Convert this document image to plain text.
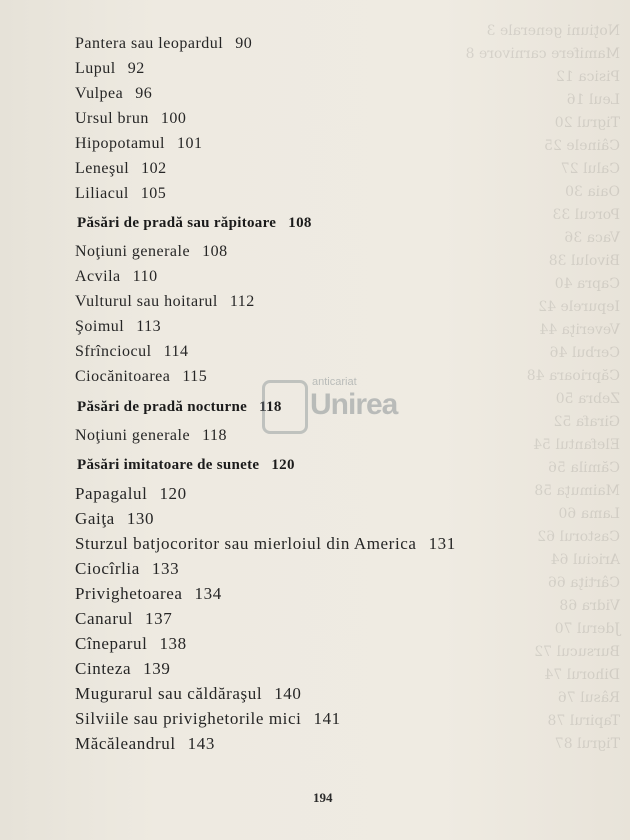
Noţiuni generale 3
Mamifere carnivore 8
Pisica 12
Leul 16
Tigrul 20
Câinele 25
Calul 27
Oaia 30
Porcul 33
Vaca 36
Bivolul 38
Capra 40
Iepurele 42
Veveriţa 44
Cerbul 46
Căprioara 48
Zebra 50
Girafa 52
Elefantul 54
Cămila 56
Maimuţa 58
Lama 60
Castorul 62
Ariciul 64
Cârtiţa 66
Vidra 68
Jderul 70
Bursucul 72
Dihorul 74
Râsul 76
Tapirul 78
Tigrul 87
Pantera sau leopardul 90
Lupul 92
Vulpea 96
Ursul brun 100
Hipopotamul 101
Leneşul 102
Liliacul 105
Păsări de pradă sau răpitoare 108
Noţiuni generale 108
Acvila 110
Vulturul sau hoitarul 112
Şoimul 113
Sfrînciocul 114
Ciocănitoarea 115
Păsări de pradă nocturne 118
Noţiuni generale 118
Păsări imitatoare de sunete 120
Papagalul 120
Gaiţa 130
Sturzul batjocoritor sau mierloiul din America 131
Ciocîrlia 133
Privighetoarea 134
Canarul 137
Cîneparul 138
Cinteza 139
Mugurarul sau căldăraşul 140
Silviile sau privighetorile mici 141
Măcăleandrul 143
anticariat
Unirea
194
